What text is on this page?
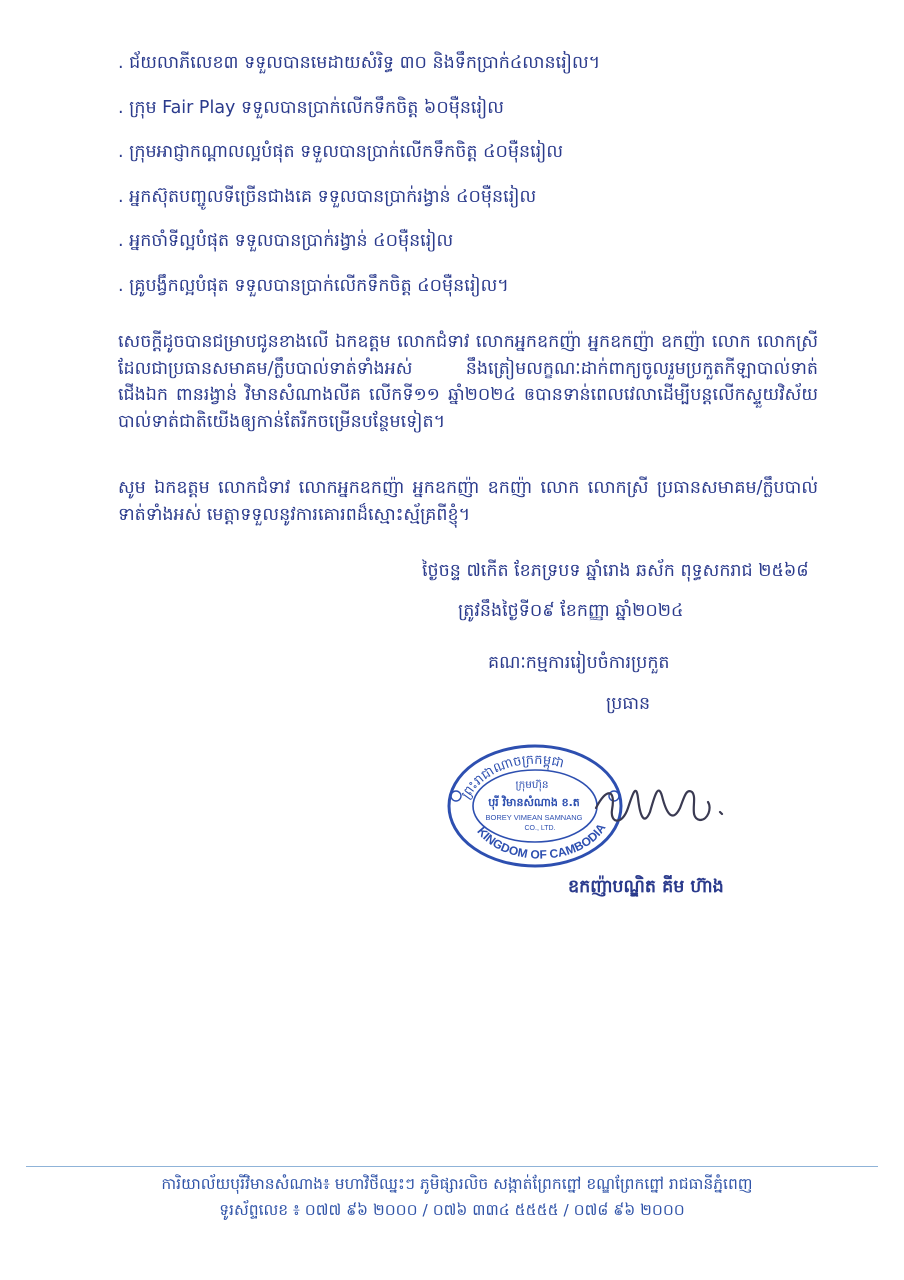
. ជ័យលាភីលេខ៣ ទទួលបានមេដាយសំរិទ្ធ ៣០ និងទឹកប្រាក់៤លានរៀល។
. ក្រុម Fair Play ទទួលបានប្រាក់លើកទឹកចិត្ត ៦០ម៉ឺនរៀល
. ក្រុមអាជ្ញាកណ្តាលល្អបំផុត ទទួលបានប្រាក់លើកទឹកចិត្ត ៤០ម៉ឺនរៀល
. អ្នកស៊ុតបញ្ចូលទីច្រើនជាងគេ ទទួលបានប្រាក់រង្វាន់ ៤០ម៉ឺនរៀល
. អ្នកចាំទីល្អបំផុត ទទួលបានប្រាក់រង្វាន់ ៤០ម៉ឺនរៀល
. គ្រូបង្វឹកល្អបំផុត ទទួលបានប្រាក់លើកទឹកចិត្ត ៤០ម៉ឺនរៀល។
សេចក្តីដូចបានជម្រាបជូនខាងលើ ឯកឧត្តម លោកជំទាវ លោកអ្នកឧកញ៉ា អ្នកឧកញ៉ា ឧកញ៉ា លោក លោកស្រី ដែលជាប្រធានសមាគម/ក្លឹបបាល់ទាត់ទាំងអស់ នឹងត្រៀមលក្ខណៈដាក់ពាក្យចូលរួមប្រកួតកីឡាបាល់ទាត់ជើងឯក ពានរង្វាន់ វិមានសំណាងលីគ លើកទី១១ ឆ្នាំ២០២៤ ឲបានទាន់ពេលវេលាដើម្បីបន្តលើកស្ទួយវិស័យបាល់ទាត់ជាតិយើងឲ្យកាន់តែរីកចម្រើនបន្ថែមទៀត។
សូម ឯកឧត្តម លោកជំទាវ លោកអ្នកឧកញ៉ា អ្នកឧកញ៉ា ឧកញ៉ា លោក លោកស្រី ប្រធានសមាគម/ក្លឹបបាល់ទាត់ទាំងអស់ មេត្តាទទួលនូវការគោរពដ៏ស្មោះស្ម័គ្រពីខ្ញុំ។
ថ្ងៃចន្ទ ៧កើត ខែភទ្របទ ឆ្នាំរោង ឆស័ក ពុទ្ធសករាជ ២៥៦៨
ត្រូវនឹងថ្ងៃទី០៩ ខែកញ្ញា ឆ្នាំ២០២៤
គណៈកម្មការរៀបចំការប្រកួត
ប្រធាន
ព្រះរាជាណាចក្រកម្ពុជា
KINGDOM OF CAMBODIA
ក្រុមហ៊ុន
បុរី វិមានសំណាង ខ.ត
BOREY VIMEAN SAMNANG
CO., LTD.
ឧកញ៉ាបណ្ឌិត គីម ហ៊ាង
ការិយាល័យបុរីវិមានសំណាង៖ មហាវិថីឈ្នះៗ ភូមិផ្សារលិច សង្កាត់ព្រែកព្នៅ ខណ្ឌព្រែកព្នៅ រាជធានីភ្នំពេញ
ទូរស័ព្ទលេខ ៖ ០៧៧ ៩៦ ២០០០ / ០៧៦ ៣៣៤ ៥៥៥៥ / ០៧៨ ៩៦ ២០០០
